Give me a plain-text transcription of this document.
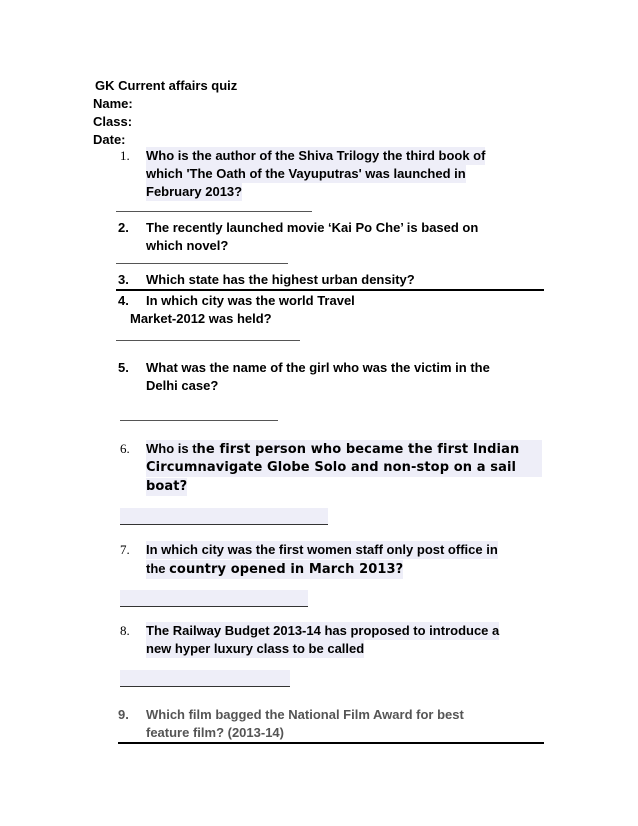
GK Current affairs quiz
Name:
Class:
Date:
1. Who is the author of the Shiva Trilogy the third book of
which 'The Oath of the Vayuputras' was launched in
February 2013?
2. The recently launched movie ‘Kai Po Che’ is based on
which novel?
3. Which state has the highest urban density?
4. In which city was the world Travel
Market-2012 was held?
5. What was the name of the girl who was the victim in the
Delhi case?
6. Who is the first person who became the first Indian
Circumnavigate Globe Solo and non-stop on a sail
boat?
7. In which city was the first women staff only post office in
the country opened in March 2013?
8. The Railway Budget 2013-14 has proposed to introduce a
new hyper luxury class to be called
9. Which film bagged the National Film Award for best
feature film? (2013-14)
